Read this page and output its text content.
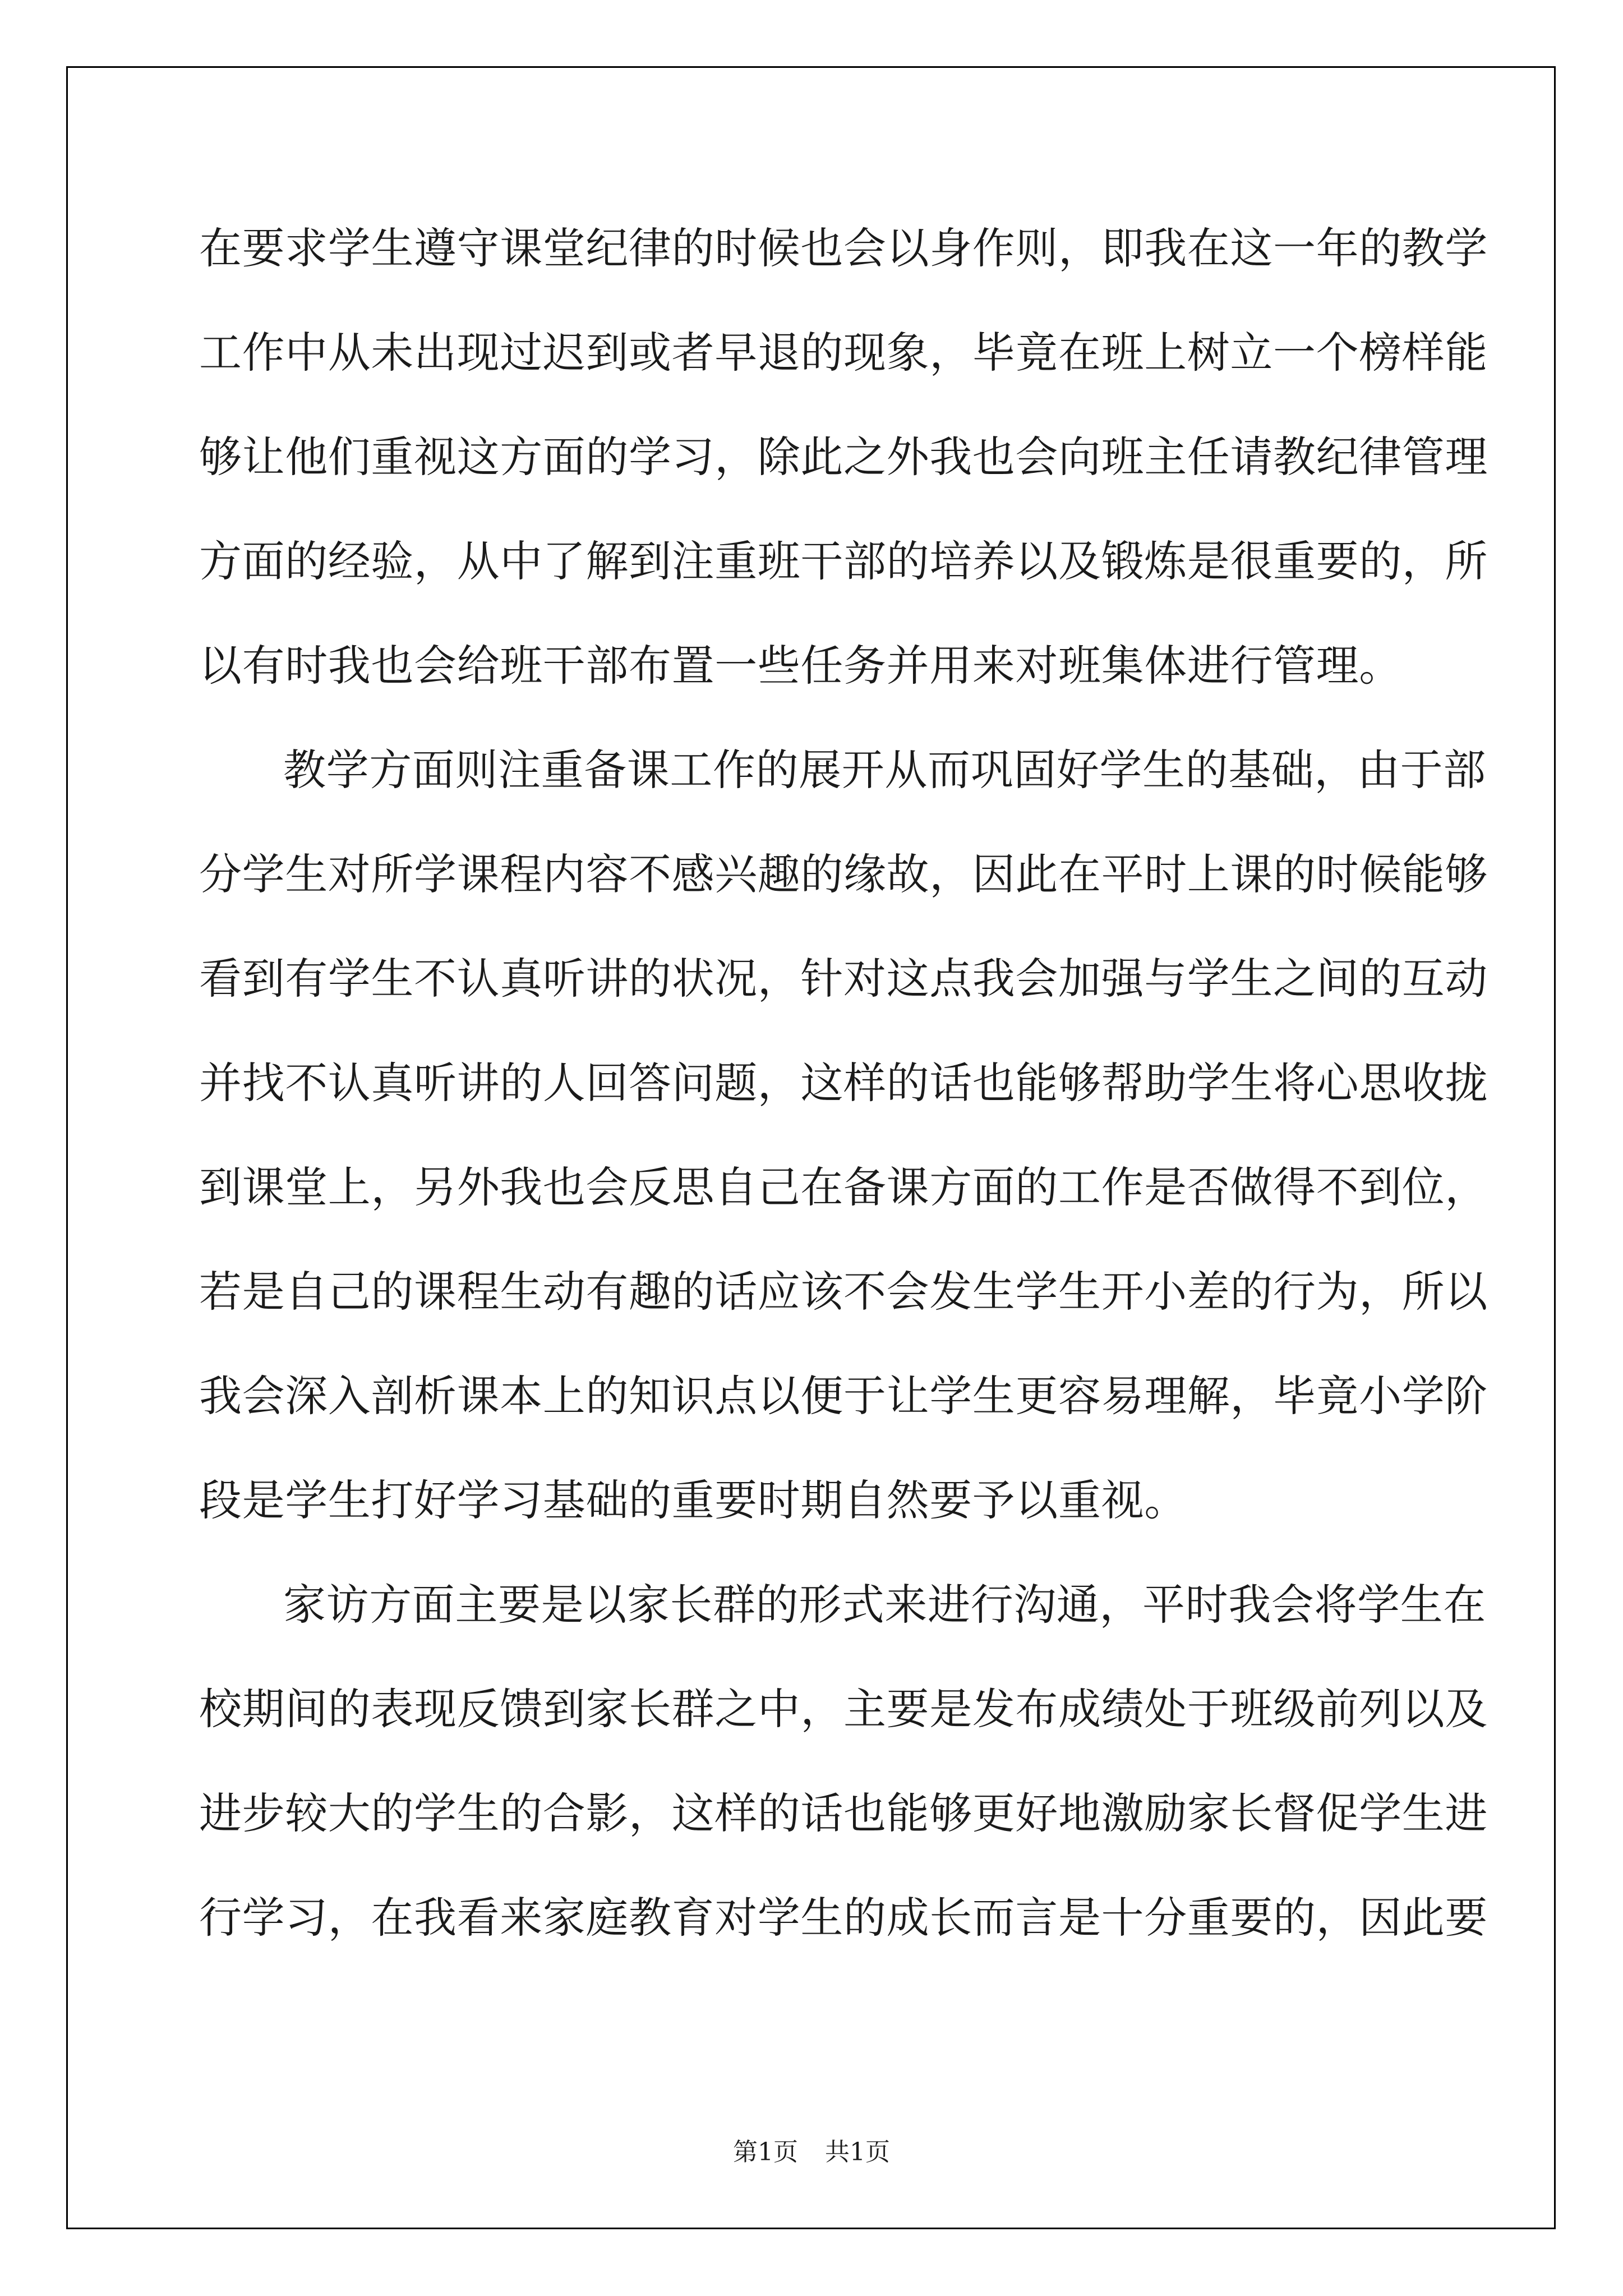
在要求学生遵守课堂纪律的时候也会以身作则，即我在这一年的教学
工作中从未出现过迟到或者早退的现象，毕竟在班上树立一个榜样能
够让他们重视这方面的学习，除此之外我也会向班主任请教纪律管理
方面的经验，从中了解到注重班干部的培养以及锻炼是很重要的，所
以有时我也会给班干部布置一些任务并用来对班集体进行管理。
教学方面则注重备课工作的展开从而巩固好学生的基础，由于部
分学生对所学课程内容不感兴趣的缘故，因此在平时上课的时候能够
看到有学生不认真听讲的状况，针对这点我会加强与学生之间的互动
并找不认真听讲的人回答问题，这样的话也能够帮助学生将心思收拢
到课堂上，另外我也会反思自己在备课方面的工作是否做得不到位，
若是自己的课程生动有趣的话应该不会发生学生开小差的行为，所以
我会深入剖析课本上的知识点以便于让学生更容易理解，毕竟小学阶
段是学生打好学习基础的重要时期自然要予以重视。
家访方面主要是以家长群的形式来进行沟通，平时我会将学生在
校期间的表现反馈到家长群之中，主要是发布成绩处于班级前列以及
进步较大的学生的合影，这样的话也能够更好地激励家长督促学生进
行学习，在我看来家庭教育对学生的成长而言是十分重要的，因此要
第1页 共1页
